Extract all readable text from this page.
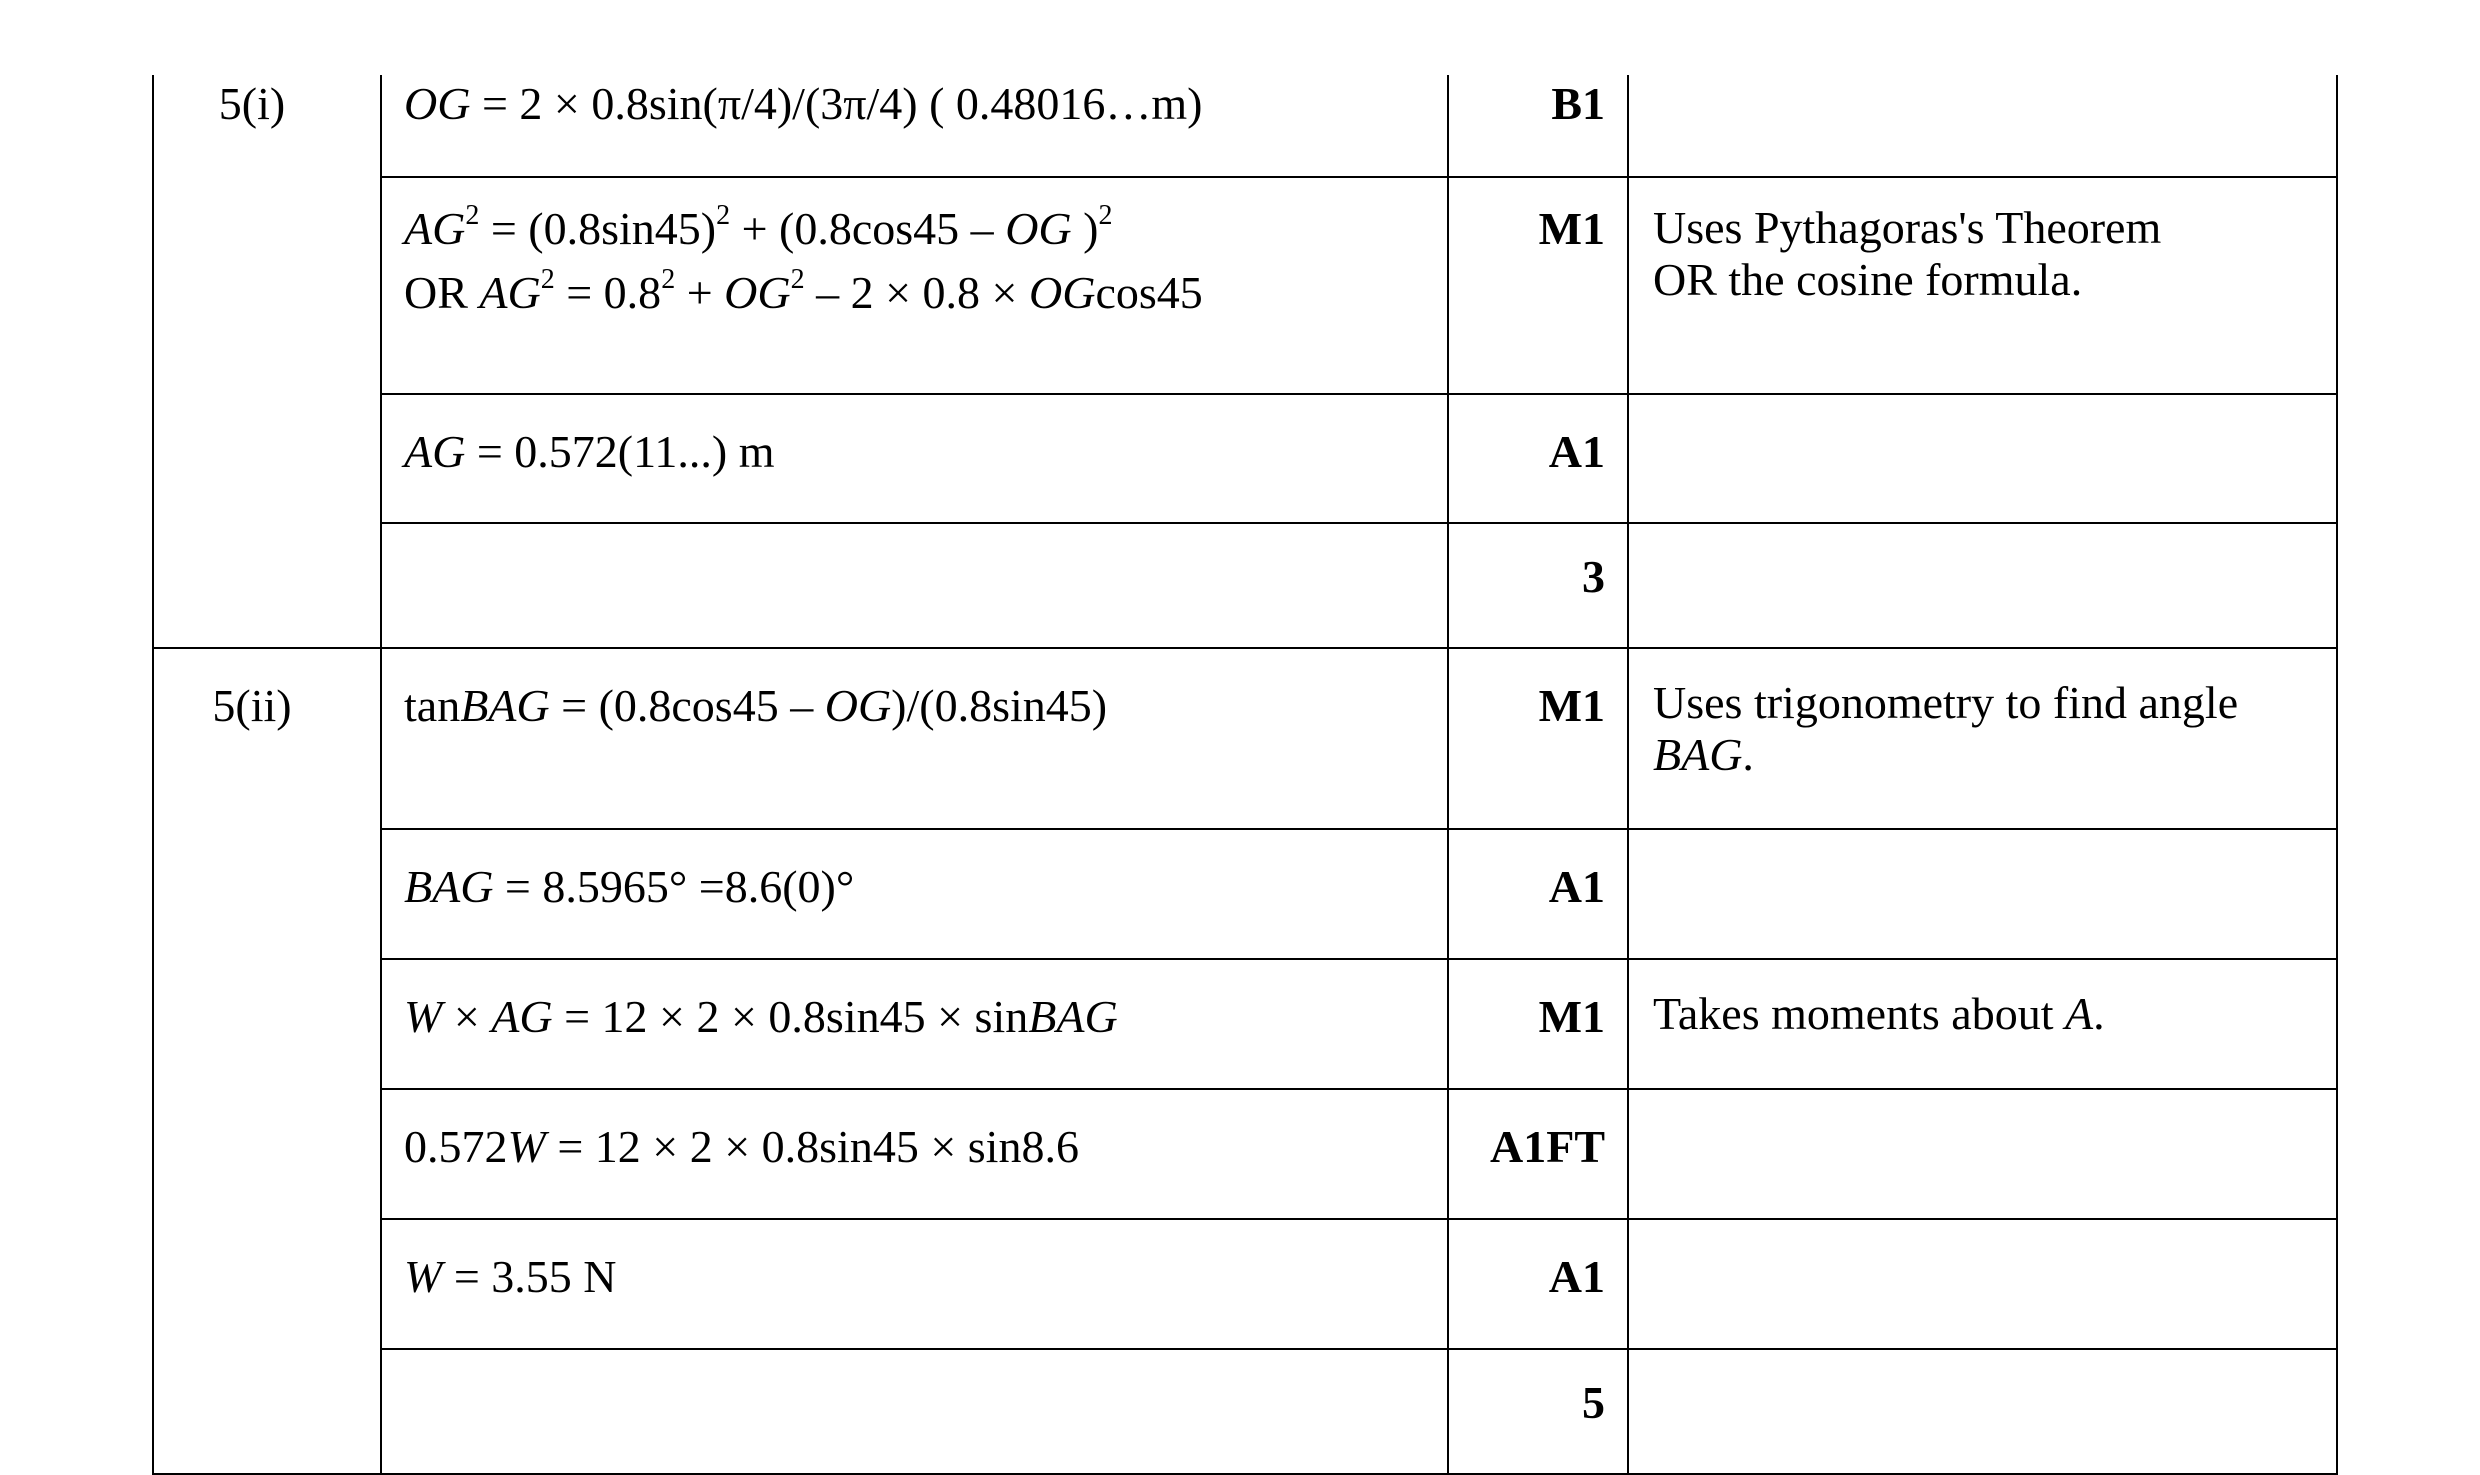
5(i)	OG = 2 × 0.8sin(π/4)/(3π/4) ( 0.48016…m)	B1	

	$AG^2 = (0.8\sin 45)^2 + (0.8\cos 45$ – OG )$^2$
OR $AG^2 = 0.8^2 + OG^2 - 2 \times 0.8 \times OGcos45$	M1	Uses Pythagoras's Theorem
OR the cosine formula.

	AG = 0.572(11...) m	A1	

		3	

5(ii)	tanBAG = (0.8cos45 – OG)/(0.8sin45)	M1	Uses trigonometry to find angle
BAG.

	BAG = 8.5965° =8.6(0)°	A1	

	W × AG = 12 × 2 × 0.8sin45 × sinBAG	M1	Takes moments about A.

	0.572W = 12 × 2 × 0.8sin45 × sin8.6	A1FT	

	W = 3.55 N	A1	

		5	
